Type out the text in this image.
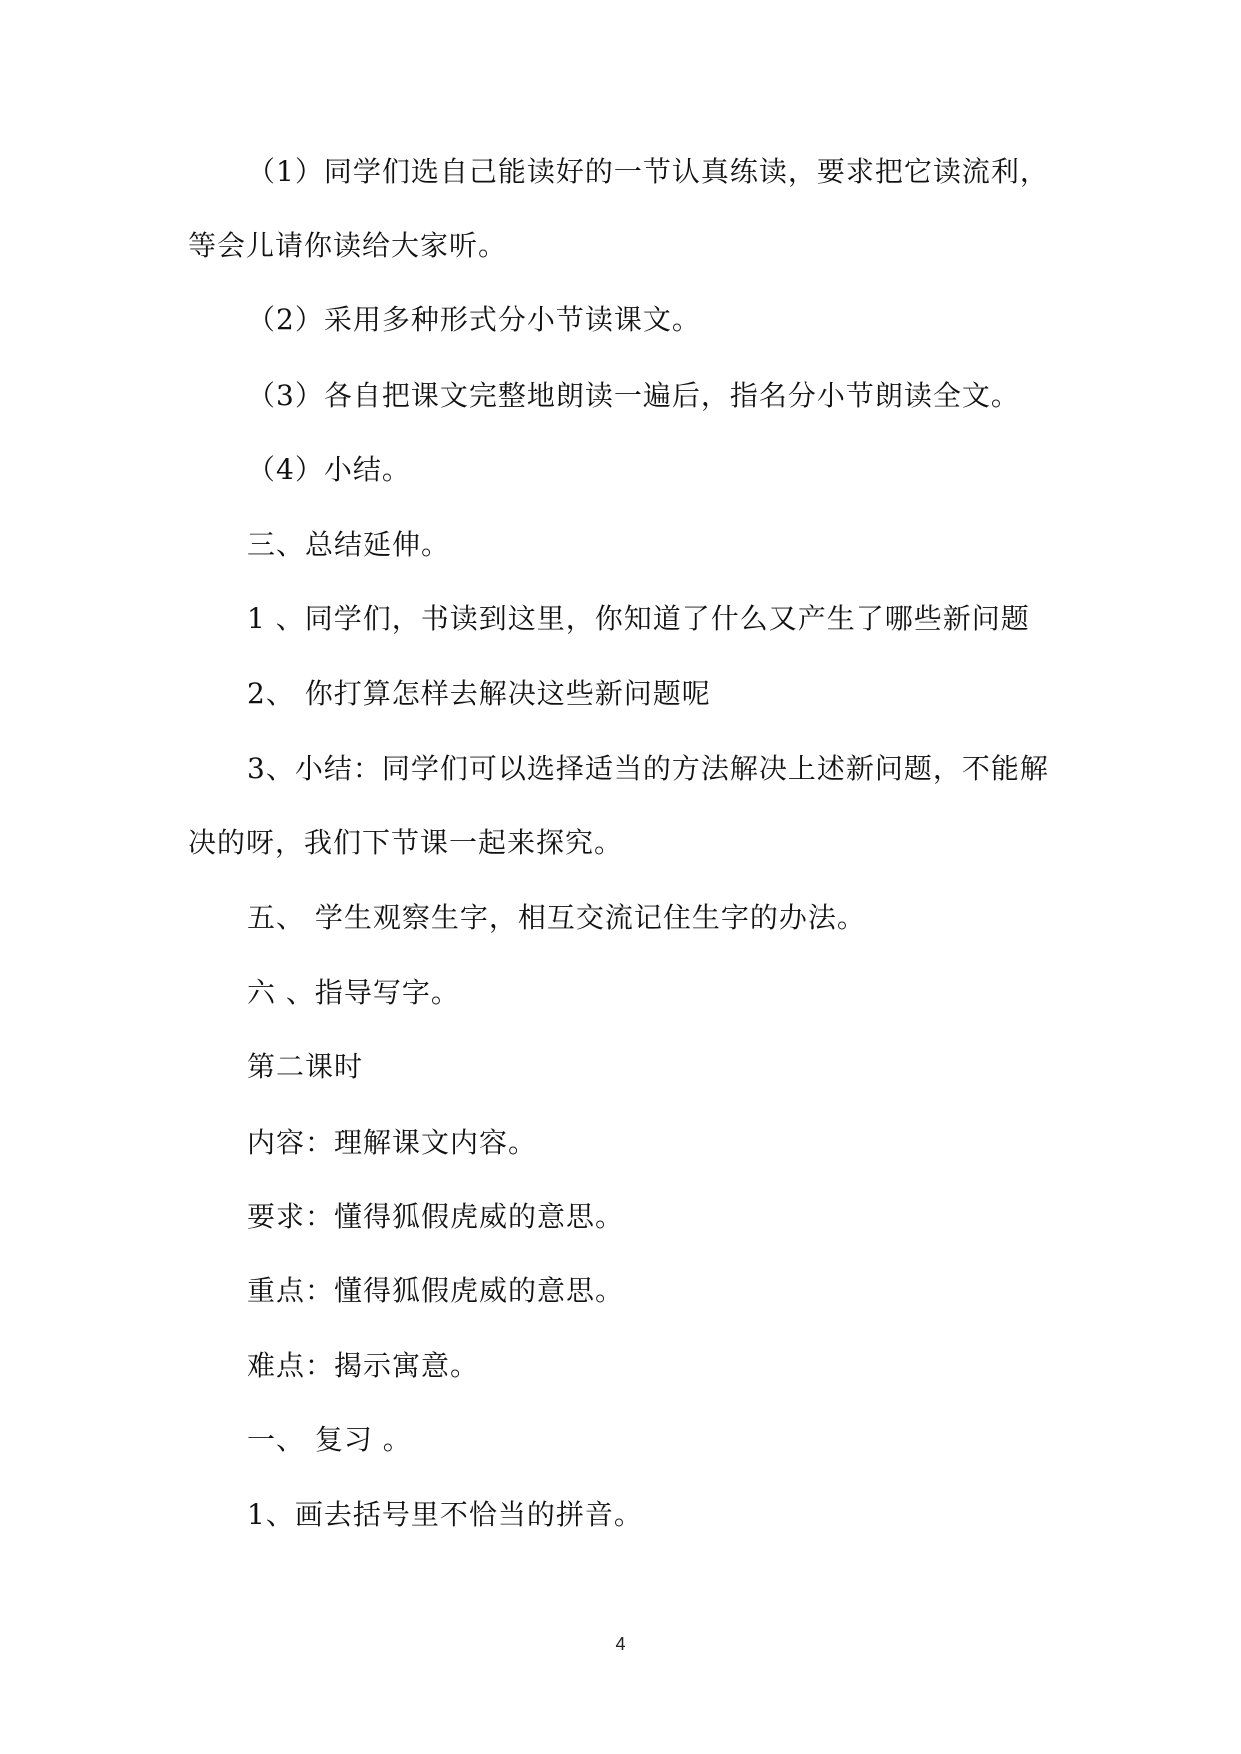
（1）同学们选自己能读好的一节认真练读，要求把它读流利，
等会儿请你读给大家听。
（2）采用多种形式分小节读课文。
（3）各自把课文完整地朗读一遍后，指名分小节朗读全文。
（4）小结。
三、总结延伸。
1 、同学们，书读到这里，你知道了什么又产生了哪些新问题
2、 你打算怎样去解决这些新问题呢
3、小结：同学们可以选择适当的方法解决上述新问题，不能解
决的呀，我们下节课一起来探究。
五、 学生观察生字，相互交流记住生字的办法。
六 、指导写字。
第二课时
内容：理解课文内容。
要求：懂得狐假虎威的意思。
重点：懂得狐假虎威的意思。
难点：揭示寓意。
一、 复习 。
1、画去括号里不恰当的拼音。
4
